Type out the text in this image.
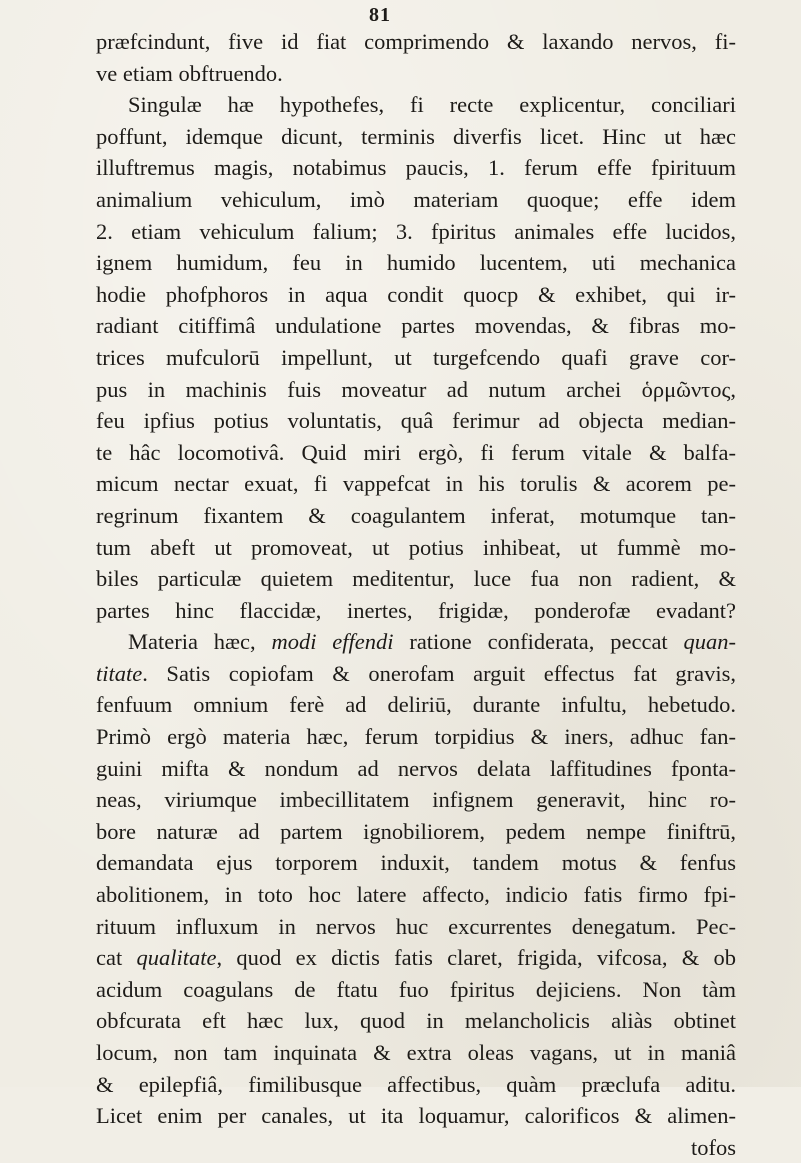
81
præfcindunt, five id fiat comprimendo & laxando nervos, fi-
ve etiam obftruendo.
Singulæ hæ hypothefes, fi recte explicentur, conciliari
poffunt, idemque dicunt, terminis diverfis licet. Hinc ut hæc
illuftremus magis, notabimus paucis, 1. ferum effe fpirituum
animalium vehiculum, imò materiam quoque; effe idem
2. etiam vehiculum falium; 3. fpiritus animales effe lucidos,
ignem humidum, feu in humido lucentem, uti mechanica
hodie phofphoros in aqua condit quocp & exhibet, qui ir-
radiant citiffimâ undulatione partes movendas, & fibras mo-
trices mufculorū impellunt, ut turgefcendo quafi grave cor-
pus in machinis fuis moveatur ad nutum archei ὁρμῶντος,
feu ipfius potius voluntatis, quâ ferimur ad objecta median-
te hâc locomotivâ. Quid miri ergò, fi ferum vitale & balfa-
micum nectar exuat, fi vappefcat in his torulis & acorem pe-
regrinum fixantem & coagulantem inferat, motumque tan-
tum abeft ut promoveat, ut potius inhibeat, ut fummè mo-
biles particulæ quietem meditentur, luce fua non radient, &
partes hinc flaccidæ, inertes, frigidæ, ponderofæ evadant?
Materia hæc, modi effendi ratione confiderata, peccat quan-
titate. Satis copiofam & onerofam arguit effectus fat gravis,
fenfuum omnium ferè ad deliriū, durante infultu, hebetudo.
Primò ergò materia hæc, ferum torpidius & iners, adhuc fan-
guini mifta & nondum ad nervos delata laffitudines fponta-
neas, viriumque imbecillitatem infignem generavit, hinc ro-
bore naturæ ad partem ignobiliorem, pedem nempe finiftrū,
demandata ejus torporem induxit, tandem motus & fenfus
abolitionem, in toto hoc latere affecto, indicio fatis firmo fpi-
rituum influxum in nervos huc excurrentes denegatum. Pec-
cat qualitate, quod ex dictis fatis claret, frigida, vifcosa, & ob
acidum coagulans de ftatu fuo fpiritus dejiciens. Non tàm
obfcurata eft hæc lux, quod in melancholicis aliàs obtinet
locum, non tam inquinata & extra oleas vagans, ut in maniâ
& epilepfiâ, fimilibusque affectibus, quàm præclufa aditu.
Licet enim per canales, ut ita loquamur, calorificos & alimen-
tofos
